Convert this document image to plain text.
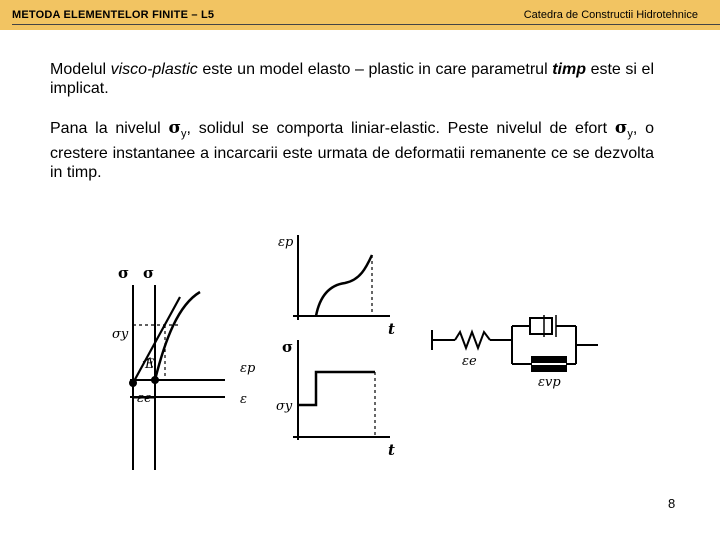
METODA ELEMENTELOR FINITE – L5	Catedra de Constructii Hidrotehnice
Modelul visco-plastic este un model elasto – plastic in care parametrul timp este si el implicat.
Pana la nivelul $\sigma_y$, solidul se comporta liniar-elastic. Peste nivelul de efort $\sigma_y$, o crestere instantanee a incarcarii este urmata de deformatii remanente ce se dezvolta in timp.
σ σ
σy
E
εe
εp
ε
εp
t
σ
σy
t
εe
εvp
8
